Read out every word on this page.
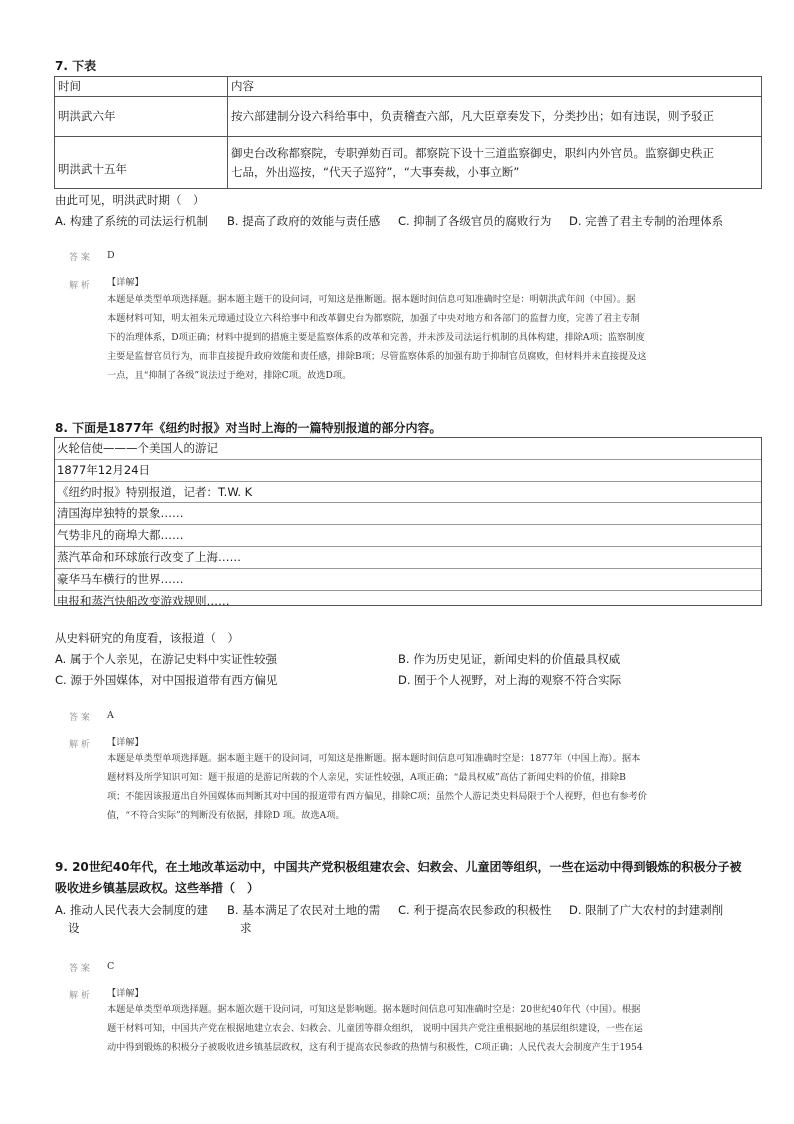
7. 下表
时间	内容
明洪武六年	按六部建制分设六科给事中，负责稽查六部，凡大臣章奏发下，分类抄出；如有违误，则予驳正
明洪武十五年	御史台改称都察院，专职弹劾百司。都察院下设十三道监察御史，职纠内外官员。监察御史秩正
七品，外出巡按，“代天子巡狩”，“大事奏裁，小事立断”
由此可见，明洪武时期（　）
A. 构建了系统的司法运行机制 B. 提高了政府的效能与责任感 C. 抑制了各级官员的腐败行为 D. 完善了君主专制的治理体系
答 案 D
解 析 【详解】
本题是单类型单项选择题。据本题主题干的设问词，可知这是推断题。据本题时间信息可知准确时空是：明朝洪武年间（中国）。据
本题材料可知，明太祖朱元璋通过设立六科给事中和改革御史台为都察院，加强了中央对地方和各部门的监督力度，完善了君主专制
下的治理体系，D项正确；材料中提到的措施主要是监察体系的改革和完善，并未涉及司法运行机制的具体构建，排除A项；监察制度
主要是监督官员行为，而非直接提升政府效能和责任感，排除B项；尽管监察体系的加强有助于抑制官员腐败，但材料并未直接提及这
一点，且“抑制了各级”说法过于绝对，排除C项。故选D项。
8. 下面是1877年《纽约时报》对当时上海的一篇特别报道的部分内容。
火轮信使———个美国人的游记
1877年12月24日
《纽约时报》特别报道，记者：T.W. K
清国海岸独特的景象……
气势非凡的商埠大都……
蒸汽革命和环球旅行改变了上海……
豪华马车横行的世界……
电报和蒸汽快船改变游戏规则……
从史料研究的角度看，该报道（　）
A. 属于个人亲见，在游记史料中实证性较强	B. 作为历史见证，新闻史料的价值最具权威
C. 源于外国媒体，对中国报道带有西方偏见	D. 囿于个人视野，对上海的观察不符合实际
答 案 A
解 析 【详解】
本题是单类型单项选择题。据本题主题干的设问词，可知这是推断题。据本题时间信息可知准确时空是：1877年（中国上海）。据本
题材料及所学知识可知：题干报道的是游记所载的个人亲见，实证性较强，A项正确；“最具权威”高估了新闻史料的价值，排除B
项；不能因该报道出自外国媒体而判断其对中国的报道带有西方偏见，排除C项；虽然个人游记类史料局限于个人视野，但也有参考价
值，“不符合实际”的判断没有依据，排除D 项。故选A项。
9. 20世纪40年代，在土地改革运动中，中国共产党积极组建农会、妇救会、儿童团等组织，一些在运动中得到锻炼的积极分子被
吸收进乡镇基层政权。这些举措（　）
A. 推动人民代表大会制度的建
设
B. 基本满足了农民对土地的需
求
C. 利于提高农民参政的积极性	D. 限制了广大农村的封建剥削
答 案 C
解 析 【详解】
本题是单类型单项选择题。据本题次题干设问词，可知这是影响题。据本题时间信息可知准确时空是：20世纪40年代（中国）。根据
题干材料可知，中国共产党在根据地建立农会、妇救会、儿童团等群众组织， 说明中国共产党注重根据地的基层组织建设，一些在运
动中得到锻炼的积极分子被吸收进乡镇基层政权，这有利于提高农民参政的热情与积极性，C项正确；人民代表大会制度产生于1954
